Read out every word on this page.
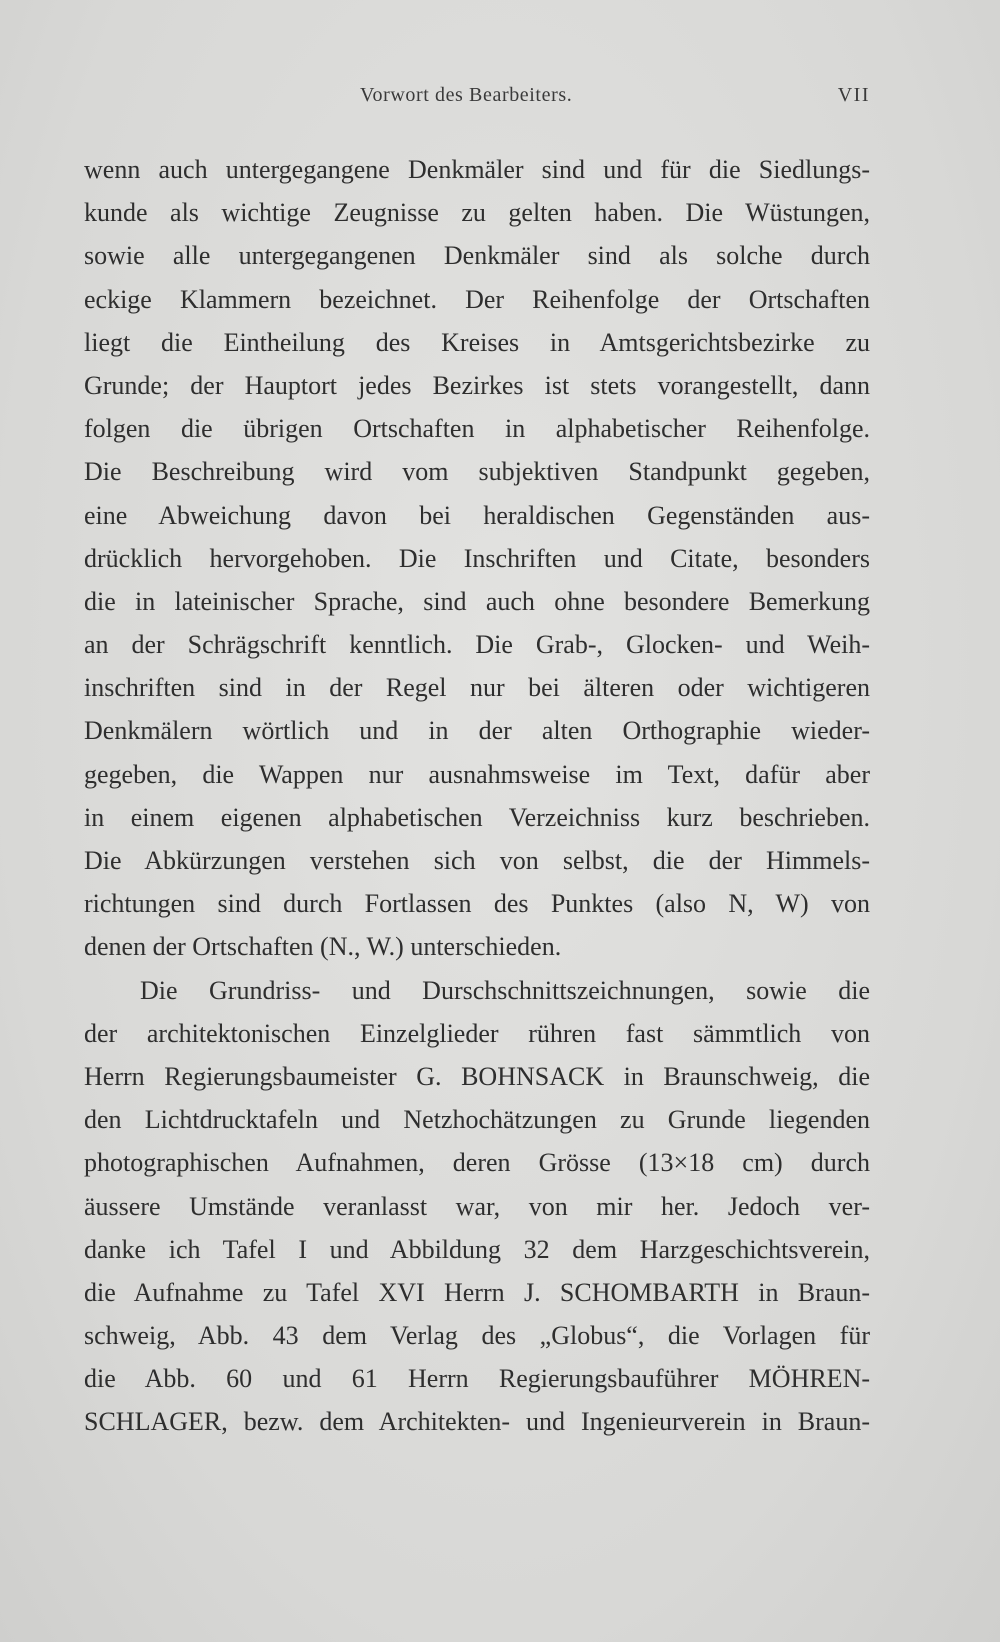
Vorwort des Bearbeiters.	VII
wenn auch untergegangene Denkmäler sind und für die Siedlungs-
kunde als wichtige Zeugnisse zu gelten haben. Die Wüstungen,
sowie alle untergegangenen Denkmäler sind als solche durch
eckige Klammern bezeichnet. Der Reihenfolge der Ortschaften
liegt die Eintheilung des Kreises in Amtsgerichtsbezirke zu
Grunde; der Hauptort jedes Bezirkes ist stets vorangestellt, dann
folgen die übrigen Ortschaften in alphabetischer Reihenfolge.
Die Beschreibung wird vom subjektiven Standpunkt gegeben,
eine Abweichung davon bei heraldischen Gegenständen aus-
drücklich hervorgehoben. Die Inschriften und Citate, besonders
die in lateinischer Sprache, sind auch ohne besondere Bemerkung
an der Schrägschrift kenntlich. Die Grab-, Glocken- und Weih-
inschriften sind in der Regel nur bei älteren oder wichtigeren
Denkmälern wörtlich und in der alten Orthographie wieder-
gegeben, die Wappen nur ausnahmsweise im Text, dafür aber
in einem eigenen alphabetischen Verzeichniss kurz beschrieben.
Die Abkürzungen verstehen sich von selbst, die der Himmels-
richtungen sind durch Fortlassen des Punktes (also N, W) von
denen der Ortschaften (N., W.) unterschieden.
Die Grundriss- und Durschschnittszeichnungen, sowie die
der architektonischen Einzelglieder rühren fast sämmtlich von
Herrn Regierungsbaumeister G. BOHNSACK in Braunschweig, die
den Lichtdrucktafeln und Netzhochätzungen zu Grunde liegenden
photographischen Aufnahmen, deren Grösse (13×18 cm) durch
äussere Umstände veranlasst war, von mir her. Jedoch ver-
danke ich Tafel I und Abbildung 32 dem Harzgeschichtsverein,
die Aufnahme zu Tafel XVI Herrn J. SCHOMBARTH in Braun-
schweig, Abb. 43 dem Verlag des „Globus“, die Vorlagen für
die Abb. 60 und 61 Herrn Regierungsbauführer MÖHREN-
SCHLAGER, bezw. dem Architekten- und Ingenieurverein in Braun-
